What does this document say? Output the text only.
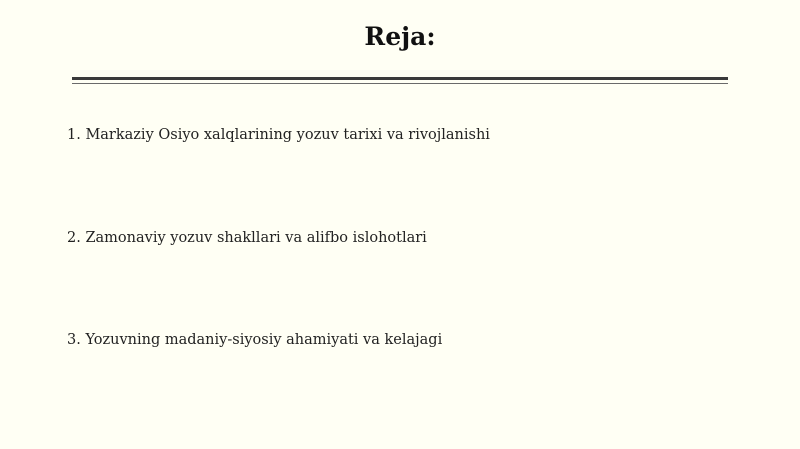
Reja:
1. Markaziy Osiyo xalqlarining yozuv tarixi va rivojlanishi
2. Zamonaviy yozuv shakllari va alifbo islohotlari
3. Yozuvning madaniy-siyosiy ahamiyati va kelajagi
